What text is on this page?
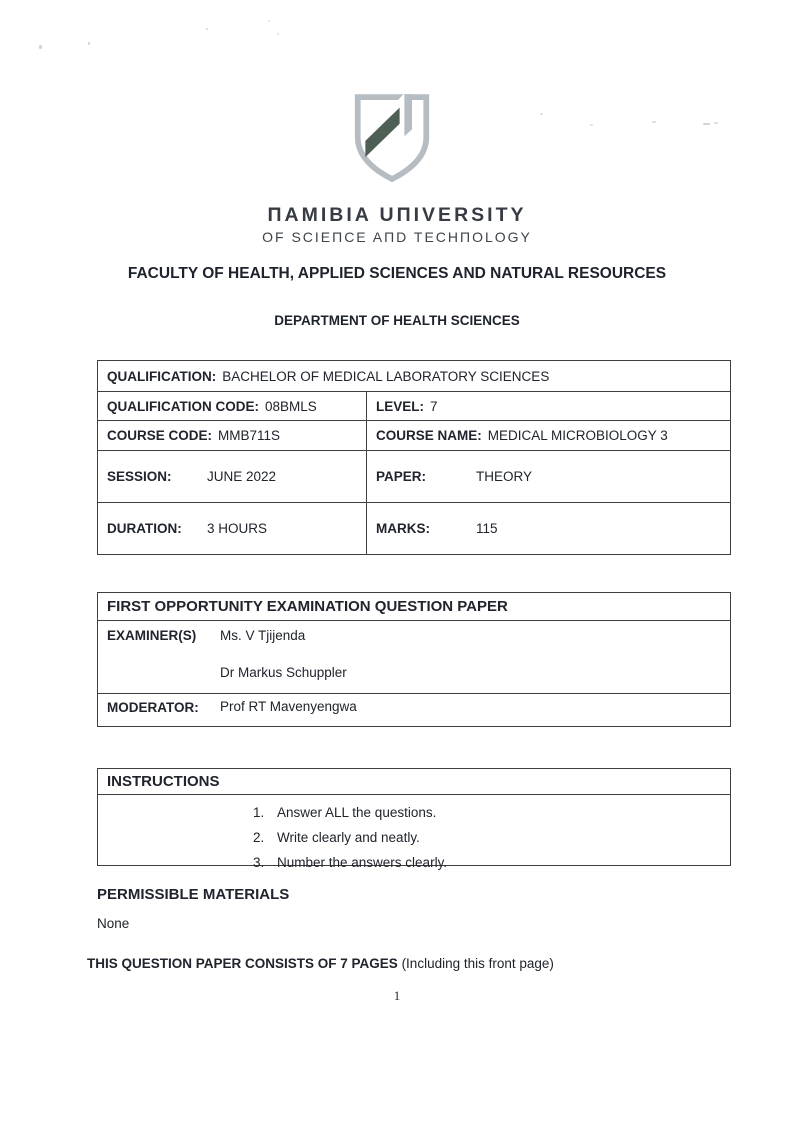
ПAMIBIA UПIVERSITY
OF SCIEПCE AПD TECHПOLOGY
FACULTY OF HEALTH, APPLIED SCIENCES AND NATURAL RESOURCES
DEPARTMENT OF HEALTH SCIENCES
QUALIFICATION: BACHELOR OF MEDICAL LABORATORY SCIENCES
QUALIFICATION CODE: 08BMLS	LEVEL: 7
COURSE CODE: MMB711S	COURSE NAME: MEDICAL MICROBIOLOGY 3
SESSION:	JUNE 2022	PAPER:	THEORY
DURATION:	3 HOURS	MARKS:	115
FIRST OPPORTUNITY EXAMINATION QUESTION PAPER
EXAMINER(S)	Ms. V Tjijenda
Dr Markus Schuppler
MODERATOR:	Prof RT Mavenyengwa
INSTRUCTIONS
1. Answer ALL the questions.
2. Write clearly and neatly.
3. Number the answers clearly.
PERMISSIBLE MATERIALS
None
THIS QUESTION PAPER CONSISTS OF 7 PAGES (Including this front page)
1
